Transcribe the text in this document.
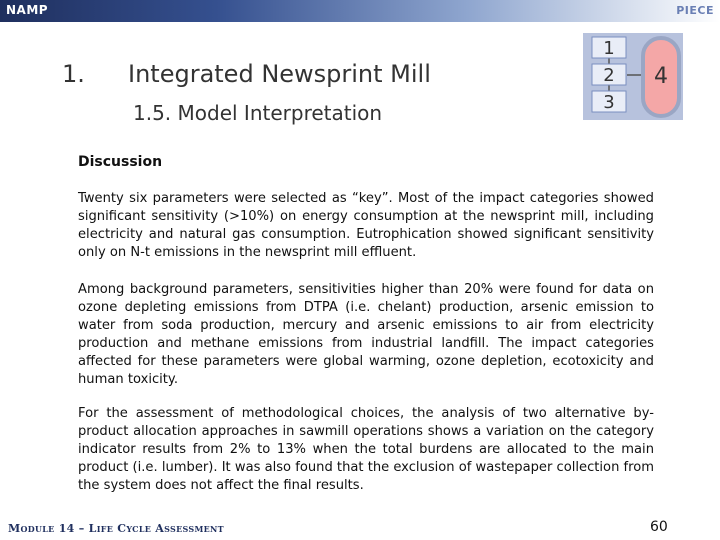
NAMP	PIECE
1. Integrated Newsprint Mill
1.5. Model Interpretation
1
2
3
4
Discussion

Twenty six parameters were selected as “key”. Most of the impact categories showed significant sensitivity (>10%) on energy consumption at the newsprint mill, including electricity and natural gas consumption. Eutrophication showed significant sensitivity only on N-t emissions in the newsprint mill effluent.

Among background parameters, sensitivities higher than 20% were found for data on ozone depleting emissions from DTPA (i.e. chelant) production, arsenic emission to water from soda production, mercury and arsenic emissions to air from electricity production and methane emissions from industrial landfill. The impact categories affected for these parameters were global warming, ozone depletion, ecotoxicity and human toxicity.

For the assessment of methodological choices, the analysis of two alternative by-product allocation approaches in sawmill operations shows a variation on the category indicator results from 2% to 13% when the total burdens are allocated to the main product (i.e. lumber). It was also found that the exclusion of wastepaper collection from the system does not affect the final results.

Module 14 – Life Cycle Assessment	60
